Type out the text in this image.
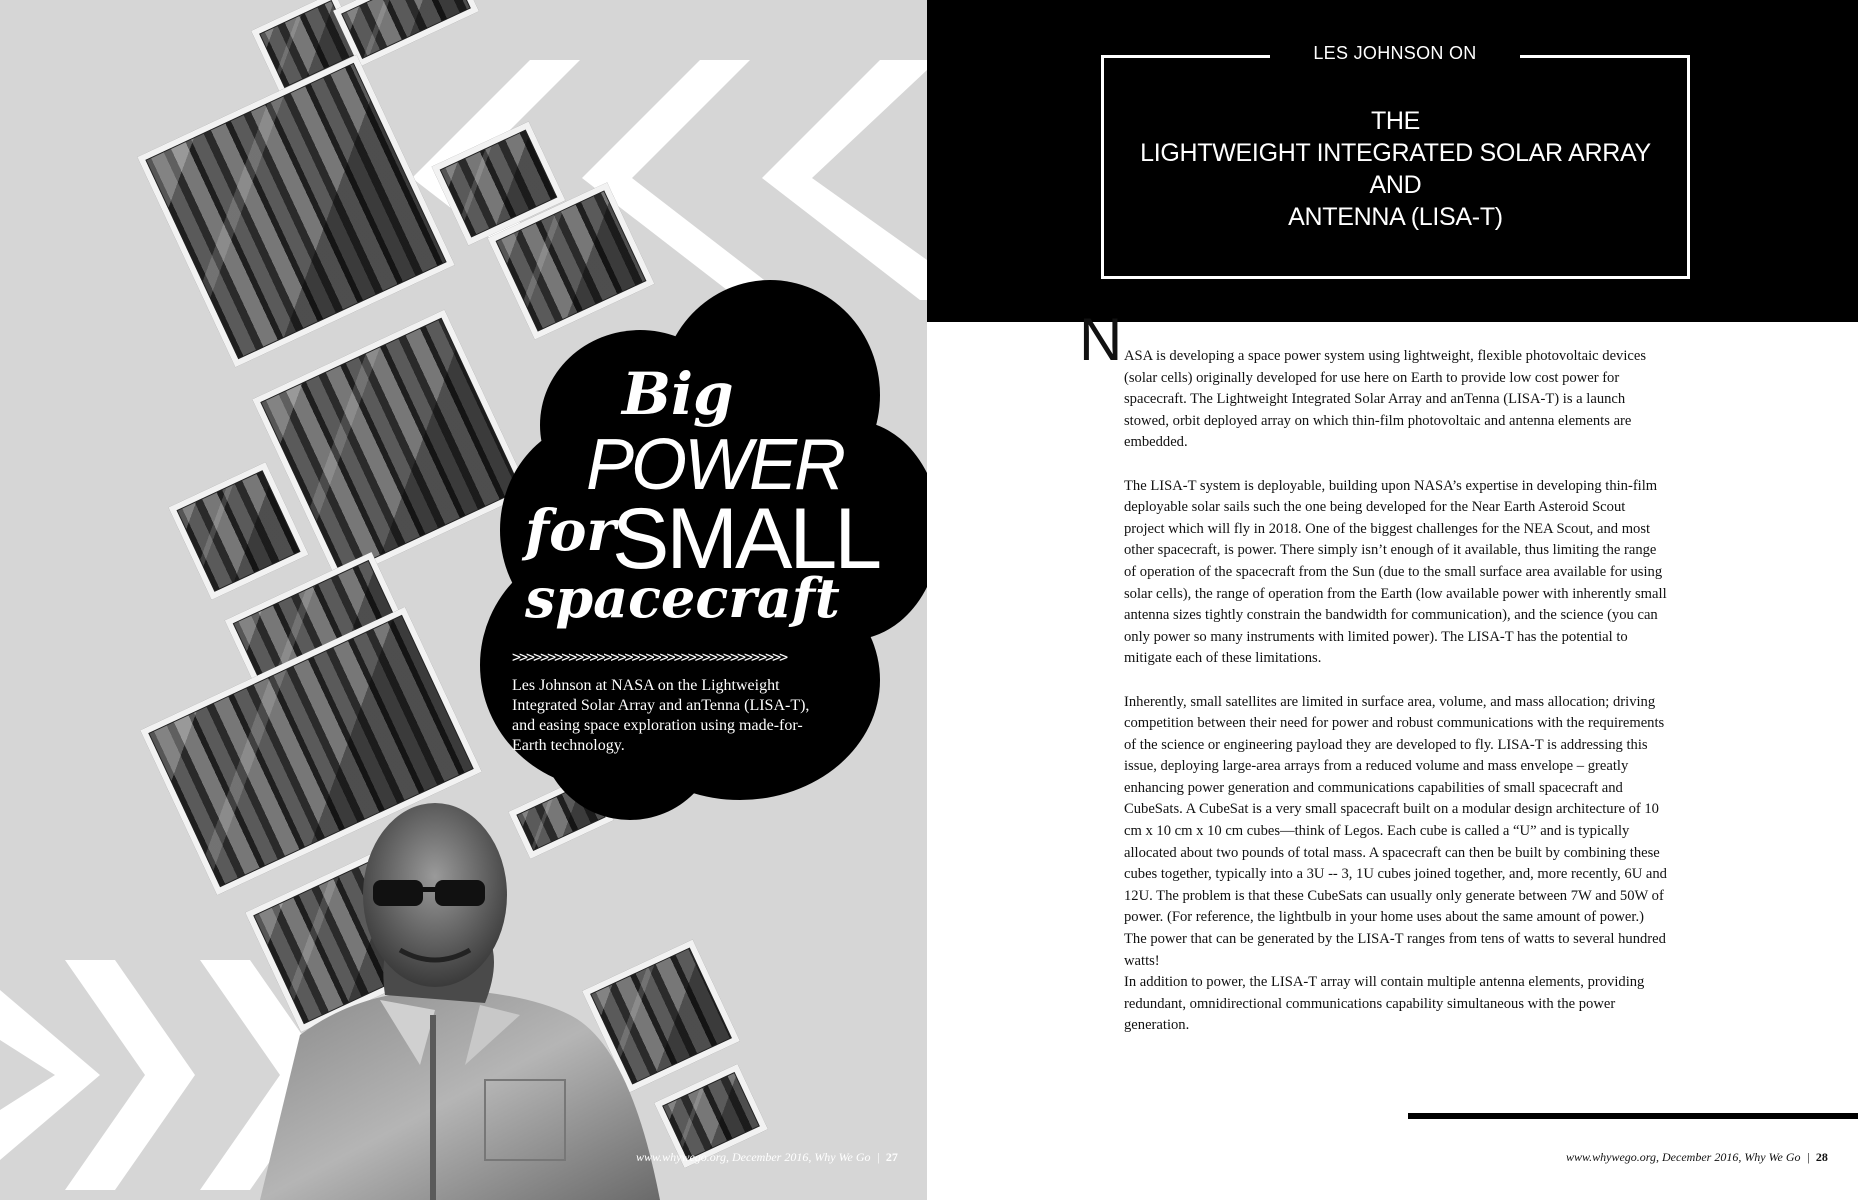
Big
POWER
for
SMALL
spacecraft
>>>>>>>>>>>>>>>>>>>>>>>>>>>>>>>>>>>>>>>
Les Johnson at NASA on the Lightweight Integrated Solar Array and anTenna (LISA-T), and easing space exploration using made-for-Earth technology.
www.whywego.org, December 2016, Why We Go | 27
LES JOHNSON ON
THE
LIGHTWEIGHT INTEGRATED SOLAR ARRAY
AND
ANTENNA (LISA-T)
N ASA is developing a space power system using lightweight, flexible photovoltaic devices (solar cells) originally developed for use here on Earth to provide low cost power for spacecraft. The Lightweight Integrated Solar Array and anTenna (LISA-T) is a launch stowed, orbit deployed array on which thin-film photovoltaic and antenna elements are embedded.

The LISA-T system is deployable, building upon NASA’s expertise in developing thin-film deployable solar sails such the one being developed for the Near Earth Asteroid Scout project which will fly in 2018. One of the biggest challenges for the NEA Scout, and most other spacecraft, is power. There simply isn’t enough of it available, thus limiting the range of operation of the spacecraft from the Sun (due to the small surface area available for using solar cells), the range of operation from the Earth (low available power with inherently small antenna sizes tightly constrain the bandwidth for communication), and the science (you can only power so many instruments with limited power). The LISA-T has the potential to mitigate each of these limitations.

Inherently, small satellites are limited in surface area, volume, and mass allocation; driving competition between their need for power and robust communications with the requirements of the science or engineering payload they are developed to fly. LISA-T is addressing this issue, deploying large-area arrays from a reduced volume and mass envelope – greatly enhancing power generation and communications capabilities of small spacecraft and CubeSats. A CubeSat is a very small spacecraft built on a modular design architecture of 10 cm x 10 cm x 10 cm cubes—think of Legos. Each cube is called a “U” and is typically allocated about two pounds of total mass. A spacecraft can then be built by combining these cubes together, typically into a 3U -- 3, 1U cubes joined together, and, more recently, 6U and 12U. The problem is that these CubeSats can usually only generate between 7W and 50W of power. (For reference, the lightbulb in your home uses about the same amount of power.) The power that can be generated by the LISA-T ranges from tens of watts to several hundred watts!

In addition to power, the LISA-T array will contain multiple antenna elements, providing redundant, omnidirectional communications capability simultaneous with the power generation.

www.whywego.org, December 2016, Why We Go | 28
